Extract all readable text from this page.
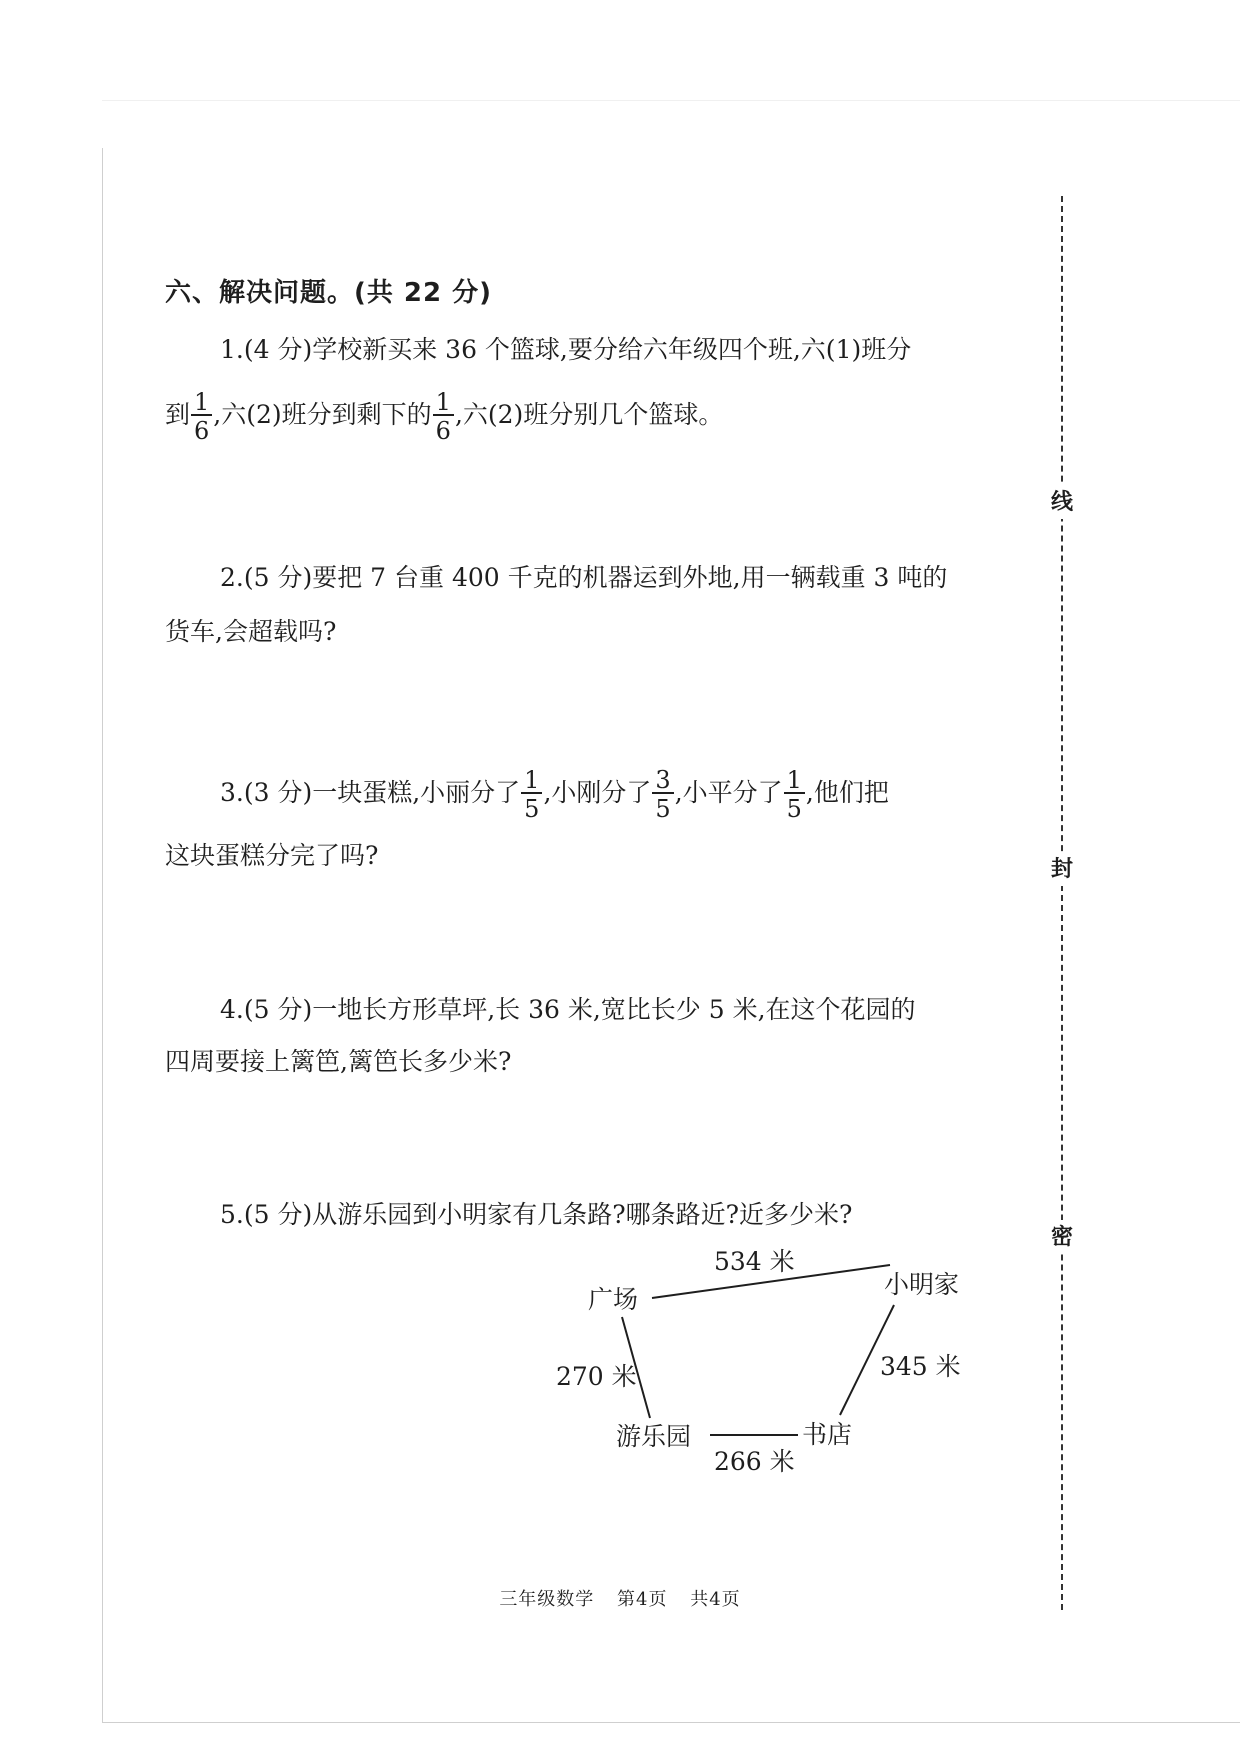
线
封
密
六、解决问题。(共 22 分)
1.(4 分)学校新买来 36 个篮球,要分给六年级四个班,六(1)班分
到 $\frac{1}{6}$ ,六(2)班分到剩下的 $\frac{1}{6}$ ,六(2)班分别几个篮球。
2.(5 分)要把 7 台重 400 千克的机器运到外地,用一辆载重 3 吨的
货车,会超载吗?
3.(3 分)一块蛋糕,小丽分了 $\frac{1}{5}$ ,小刚分了 $\frac{3}{5}$ ,小平分了 $\frac{1}{5}$ ,他们把
这块蛋糕分完了吗?
4.(5 分)一地长方形草坪,长 36 米,宽比长少 5 米,在这个花园的
四周要接上篱笆,篱笆长多少米?
5.(5 分)从游乐园到小明家有几条路?哪条路近?近多少米?
广场
小明家
游乐园	书店
534 米
270 米
266 米
345 米
三年级数学 第4页 共4页
